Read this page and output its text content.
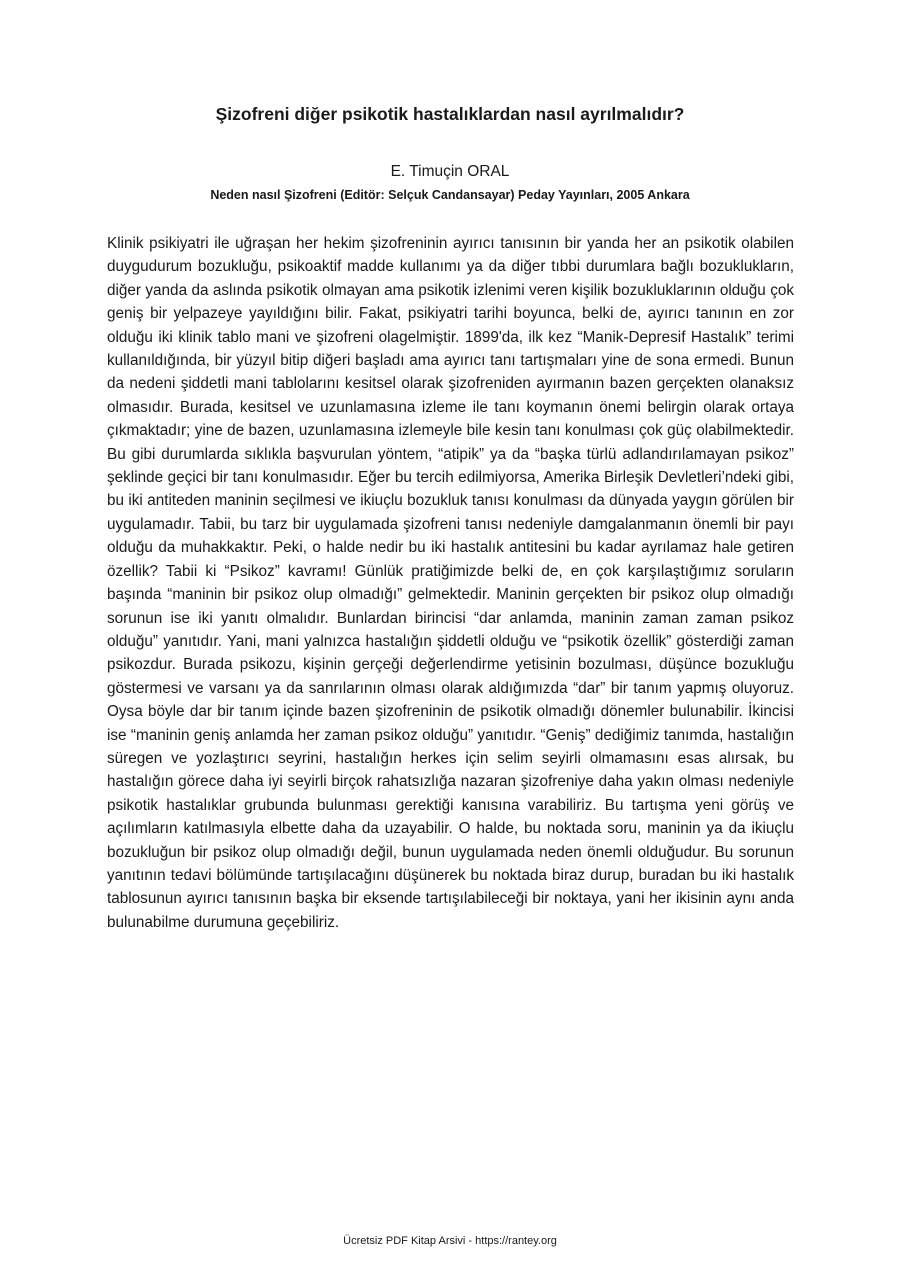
Şizofreni diğer psikotik hastalıklardan nasıl ayrılmalıdır?

E. Timuçin ORAL

Neden nasıl Şizofreni (Editör: Selçuk Candansayar) Peday Yayınları, 2005 Ankara

Klinik psikiyatri ile uğraşan her hekim şizofreninin ayırıcı tanısının bir yanda her an psikotik olabilen duygudurum bozukluğu, psikoaktif madde kullanımı ya da diğer tıbbi durumlara bağlı bozuklukların, diğer yanda da aslında psikotik olmayan ama psikotik izlenimi veren kişilik bozukluklarının olduğu çok geniş bir yelpazeye yayıldığını bilir. Fakat, psikiyatri tarihi boyunca, belki de, ayırıcı tanının en zor olduğu iki klinik tablo mani ve şizofreni olagelmiştir. 1899'da, ilk kez “Manik-Depresif Hastalık” terimi kullanıldığında, bir yüzyıl bitip diğeri başladı ama ayırıcı tanı tartışmaları yine de sona ermedi. Bunun da nedeni şiddetli mani tablolarını kesitsel olarak şizofreniden ayırmanın bazen gerçekten olanaksız olmasıdır. Burada, kesitsel ve uzunlamasına izleme ile tanı koymanın önemi belirgin olarak ortaya çıkmaktadır; yine de bazen, uzunlamasına izlemeyle bile kesin tanı konulması çok güç olabilmektedir. Bu gibi durumlarda sıklıkla başvurulan yöntem, “atipik” ya da “başka türlü adlandırılamayan psikoz” şeklinde geçici bir tanı konulmasıdır. Eğer bu tercih edilmiyorsa, Amerika Birleşik Devletleri’ndeki gibi, bu iki antiteden maninin seçilmesi ve ikiuçlu bozukluk tanısı konulması da dünyada yaygın görülen bir uygulamadır. Tabii, bu tarz bir uygulamada şizofreni tanısı nedeniyle damgalanmanın önemli bir payı olduğu da muhakkaktır. Peki, o halde nedir bu iki hastalık antitesini bu kadar ayrılamaz hale getiren özellik? Tabii ki “Psikoz” kavramı! Günlük pratiğimizde belki de, en çok karşılaştığımız soruların başında “maninin bir psikoz olup olmadığı” gelmektedir. Maninin gerçekten bir psikoz olup olmadığı sorunun ise iki yanıtı olmalıdır. Bunlardan birincisi “dar anlamda, maninin zaman zaman psikoz olduğu” yanıtıdır. Yani, mani yalnızca hastalığın şiddetli olduğu ve “psikotik özellik” gösterdiği zaman psikozdur. Burada psikozu, kişinin gerçeği değerlendirme yetisinin bozulması, düşünce bozukluğu göstermesi ve varsanı ya da sanrılarının olması olarak aldığımızda “dar” bir tanım yapmış oluyoruz. Oysa böyle dar bir tanım içinde bazen şizofreninin de psikotik olmadığı dönemler bulunabilir. İkincisi ise “maninin geniş anlamda her zaman psikoz olduğu” yanıtıdır. “Geniş” dediğimiz tanımda, hastalığın süregen ve yozlaştırıcı seyrini, hastalığın herkes için selim seyirli olmamasını esas alırsak, bu hastalığın görece daha iyi seyirli birçok rahatsızlığa nazaran şizofreniye daha yakın olması nedeniyle psikotik hastalıklar grubunda bulunması gerektiği kanısına varabiliriz. Bu tartışma yeni görüş ve açılımların katılmasıyla elbette daha da uzayabilir. O halde, bu noktada soru, maninin ya da ikiuçlu bozukluğun bir psikoz olup olmadığı değil, bunun uygulamada neden önemli olduğudur. Bu sorunun yanıtının tedavi bölümünde tartışılacağını düşünerek bu noktada biraz durup, buradan bu iki hastalık tablosunun ayırıcı tanısının başka bir eksende tartışılabileceği bir noktaya, yani her ikisinin aynı anda bulunabilme durumuna geçebiliriz.

Ücretsiz PDF Kitap Arsivi - https://rantey.org
